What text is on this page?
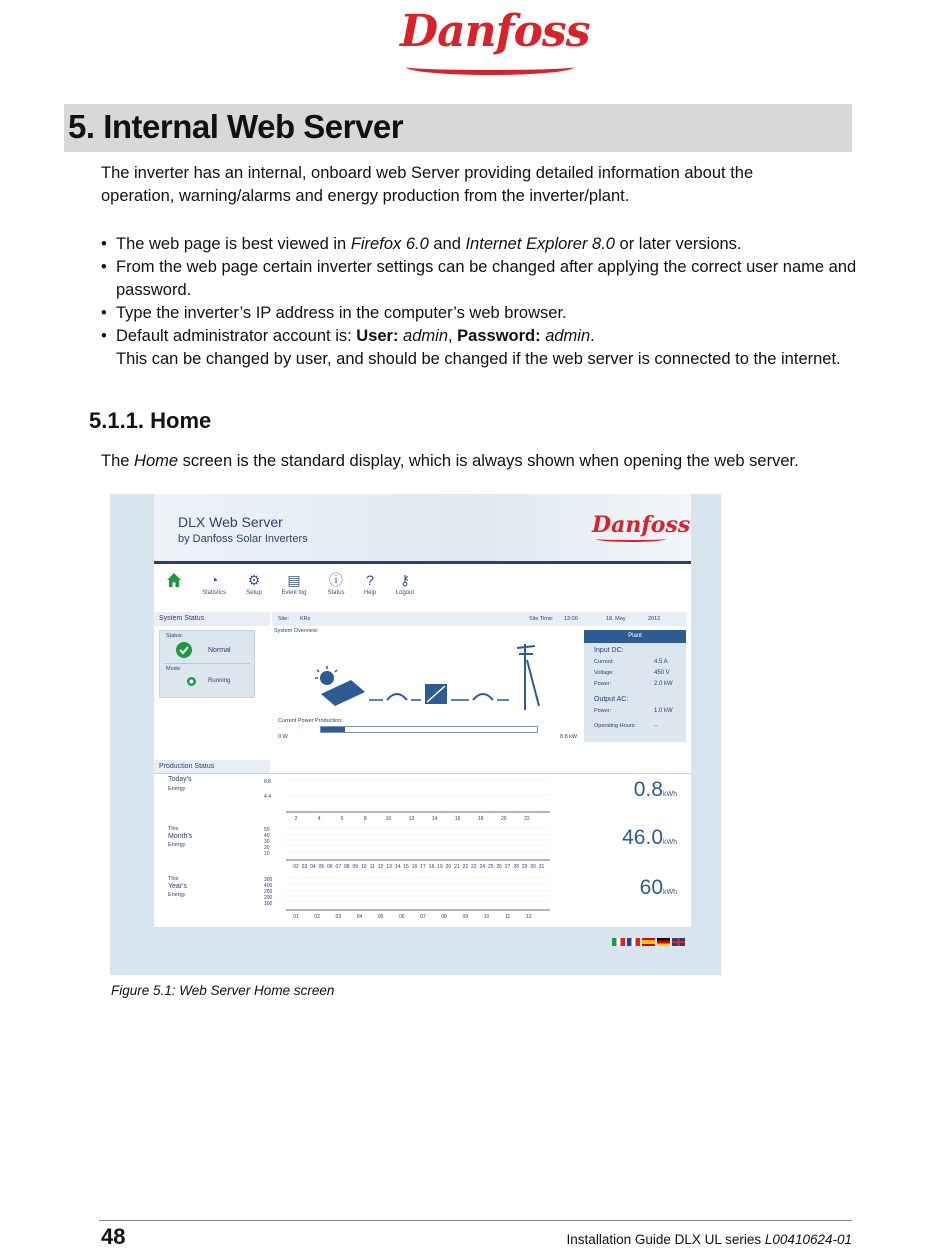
Danfoss
5. Internal Web Server
The inverter has an internal, onboard web Server providing detailed information about the
operation, warning/alarms and energy production from the inverter/plant.
• The web page is best viewed in Firefox 6.0 and Internet Explorer 8.0 or later versions.
• From the web page certain inverter settings can be changed after applying the correct user name and password.
• Type the inverter’s IP address in the computer’s web browser.
• Default administrator account is: User: admin, Password: admin.
This can be changed by user, and should be changed if the web server is connected to the internet.
5.1.1. Home
The Home screen is the standard display, which is always shown when opening the web server.
DLX Web Server
by Danfoss Solar Inverters
Danfoss
◔
Statistics
⚙
Setup
▤
Event log
ⓘ
Status
?
Help
⚷
Logout
System Status	Site: KRs	Site Time: 13:00	18. May	2012
Status:
Normal
Mode:
Running
System Overview:
Current Power Production:
0 W	8.8 kW
Plant
Input DC:
Current:	4.5 A
Voltage:	450 V
Power:	2.0 kW
Output AC:
Power:	1.0 kW
Operating Hours:	--
Production Status
Today's
Energy
8.8
4.4
2	4	6	8	10	12	14	16	18	20	22
0.8kWh
This
Month's
Energy
50
40
30
20
10
02 03 04 05 06 07 08 09 10 11 12 13 14 15 16 17 18 19 20 21 22 23 24 25 26 27 28 29 30 31
46.0kWh
This
Year's
Energy
300
400
200
200
100
01	02	03	04	05	06	07	08	09	10	11	12
60kWh
Figure 5.1: Web Server Home screen
48	Installation Guide DLX UL series L00410624-01
